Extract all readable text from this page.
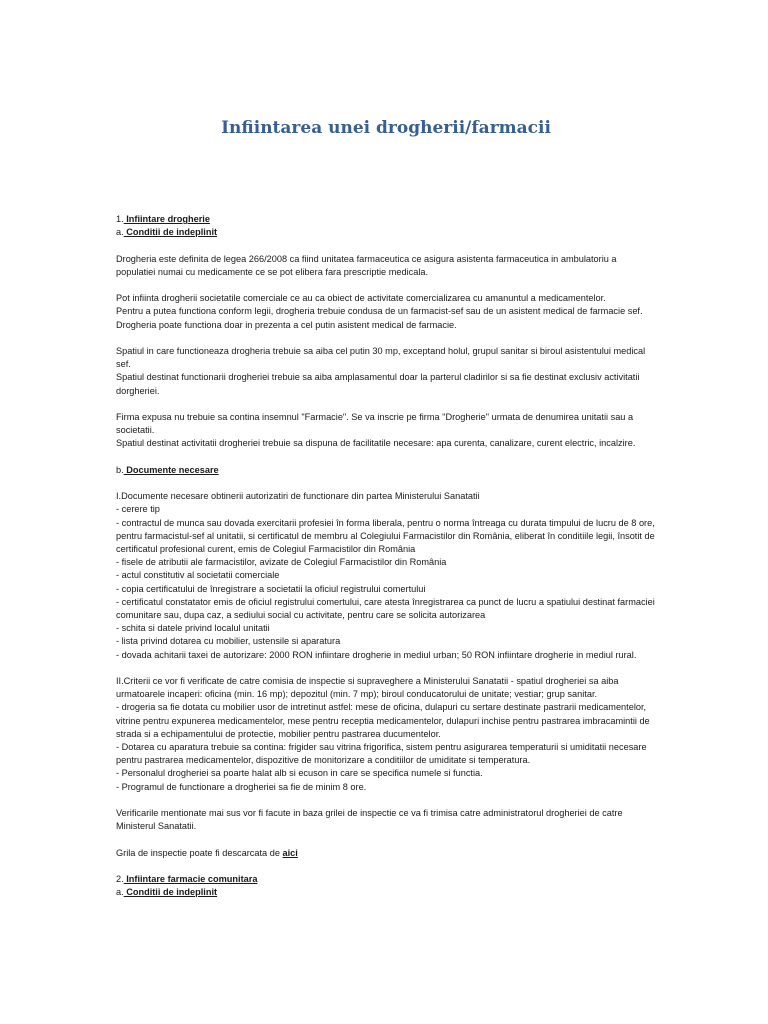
Infiintarea unei drogherii/farmacii

1. Infiintare drogherie
a. Conditii de indeplinit

Drogheria este definita de legea 266/2008 ca fiind unitatea farmaceutica ce asigura asistenta farmaceutica in ambulatoriu a populatiei numai cu medicamente ce se pot elibera fara prescriptie medicala.

Pot infiinta drogherii societatile comerciale ce au ca obiect de activitate comercializarea cu amanuntul a medicamentelor.
Pentru a putea functiona conform legii, drogheria trebuie condusa de un farmacist-sef sau de un asistent medical de farmacie sef.
Drogheria poate functiona doar in prezenta a cel putin asistent medical de farmacie.

Spatiul in care functioneaza drogheria trebuie sa aiba cel putin 30 mp, exceptand holul, grupul sanitar si biroul asistentului medical sef.
Spatiul destinat functionarii drogheriei trebuie sa aiba amplasamentul doar la parterul cladirilor si sa fie destinat exclusiv activitatii dorgheriei.

Firma expusa nu trebuie sa contina insemnul "Farmacie". Se va inscrie pe firma "Drogherie" urmata de denumirea unitatii sau a societatii.
Spatiul destinat activitatii drogheriei trebuie sa dispuna de facilitatile necesare: apa curenta, canalizare, curent electric, incalzire.

b. Documente necesare

I.Documente necesare obtinerii autorizatiri de functionare din partea Ministerului Sanatatii
- cerere tip
- contractul de munca sau dovada exercitarii profesiei în forma liberala, pentru o norma întreaga cu durata timpului de lucru de 8 ore, pentru farmacistul-sef al unitatii, si certificatul de membru al Colegiului Farmacistilor din România, eliberat în conditiile legii, însotit de certificatul profesional curent, emis de Colegiul Farmacistilor din România
- fisele de atributii ale farmacistilor, avizate de Colegiul Farmacistilor din România
- actul constitutiv al societatii comerciale
- copia certificatului de înregistrare a societatii la oficiul registrului comertului
- certificatul constatator emis de oficiul registrului comertului, care atesta înregistrarea ca punct de lucru a spatiului destinat farmaciei comunitare sau, dupa caz, a sediului social cu activitate, pentru care se solicita autorizarea
- schita si datele privind localul unitatii
- lista privind dotarea cu mobilier, ustensile si aparatura
- dovada achitarii taxei de autorizare: 2000 RON infiintare drogherie in mediul urban; 50 RON infiintare drogherie in mediul rural.

II.Criterii ce vor fi verificate de catre comisia de inspectie si supraveghere a Ministerului Sanatatii - spatiul drogheriei sa aiba urmatoarele incaperi: oficina (min. 16 mp); depozitul (min. 7 mp); biroul conducatorului de unitate; vestiar; grup sanitar.
- drogeria sa fie dotata cu mobilier usor de intretinut astfel: mese de oficina, dulapuri cu sertare destinate pastrarii medicamentelor, vitrine pentru expunerea medicamentelor, mese pentru receptia medicamentelor, dulapuri inchise pentru pastrarea imbracamintii de strada si a echipamentului de protectie, mobilier pentru pastrarea ducumentelor.
- Dotarea cu aparatura trebuie sa contina: frigider sau vitrina frigorifica, sistem pentru asigurarea temperaturii si umiditatii necesare pentru pastrarea medicamentelor, dispozitive de monitorizare a conditiilor de umiditate si temperatura.
- Personalul drogheriei sa poarte halat alb si ecuson in care se specifica numele si functia.
- Programul de functionare a drogheriei sa fie de minim 8 ore.

Verificarile mentionate mai sus vor fi facute in baza grilei de inspectie ce va fi trimisa catre administratorul drogheriei de catre Ministerul Sanatatii.

Grila de inspectie poate fi descarcata de aici

2. Infiintare farmacie comunitara
a. Conditii de indeplinit
